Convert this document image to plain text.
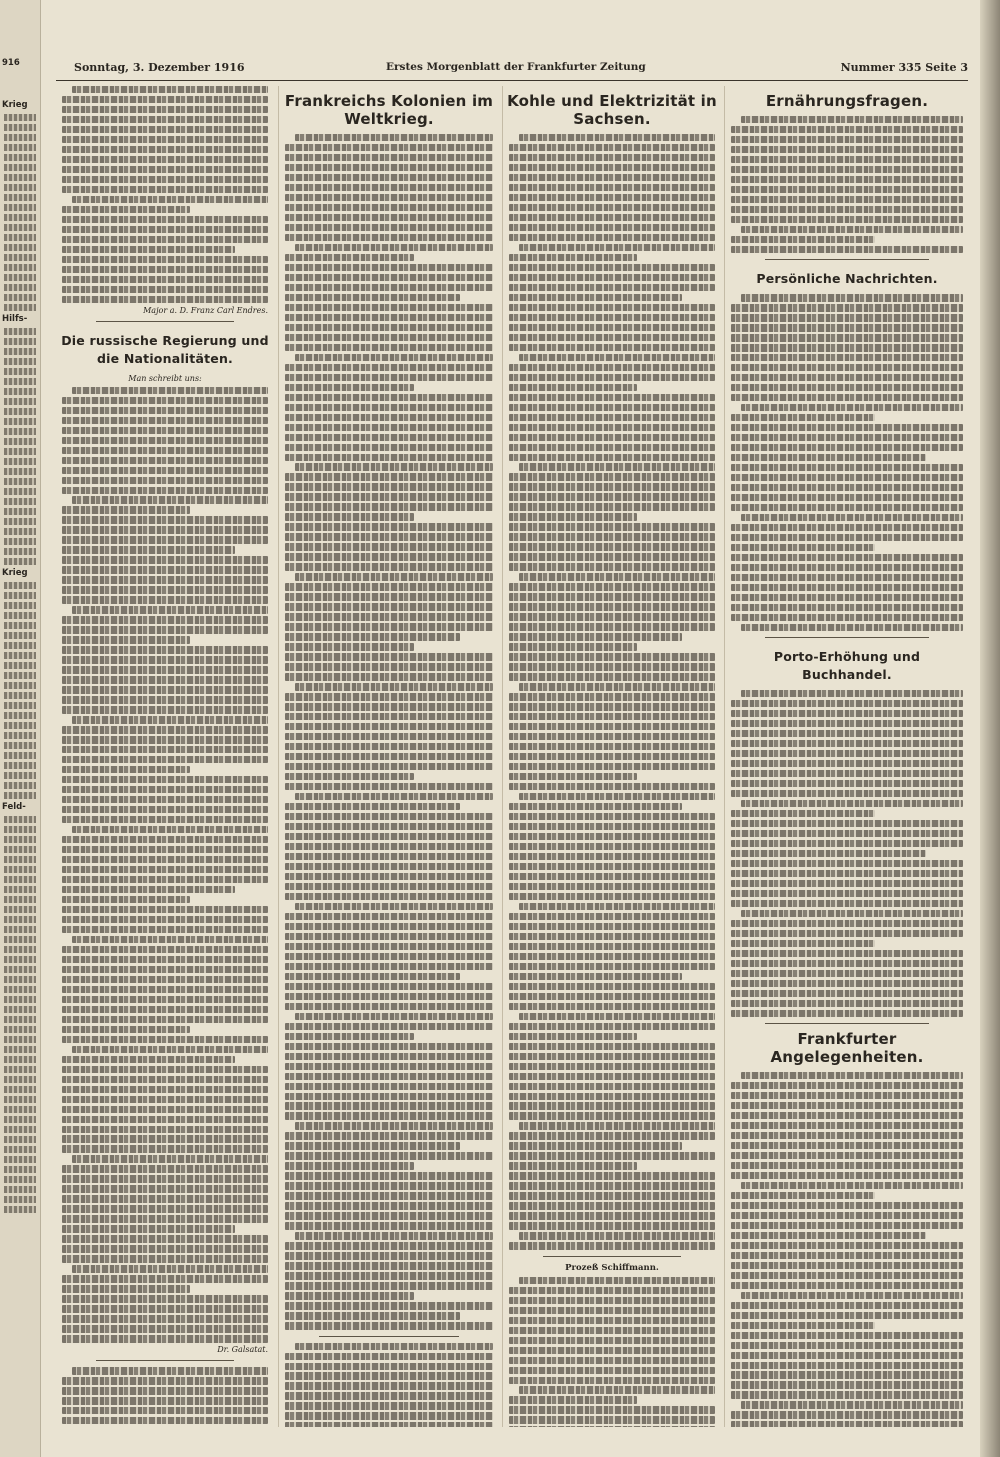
916
Krieg
Hilfs-
Krieg
Feld-
Sonntag, 3. Dezember 1916	Erstes Morgenblatt der Frankfurter Zeitung	Nummer 335 Seite 3
Major a. D. Franz Carl Endres.
Die russische Regierung und die Nationalitäten.
Man schreibt uns:
Dr. Galsatat.
Frankreichs Kolonien im Weltkrieg.
Kohle und Elektrizität in Sachsen.
Prozeß Schiffmann.
Ernährungsfragen.
Persönliche Nachrichten.
Porto-Erhöhung und Buchhandel.
Frankfurter Angelegenheiten.
